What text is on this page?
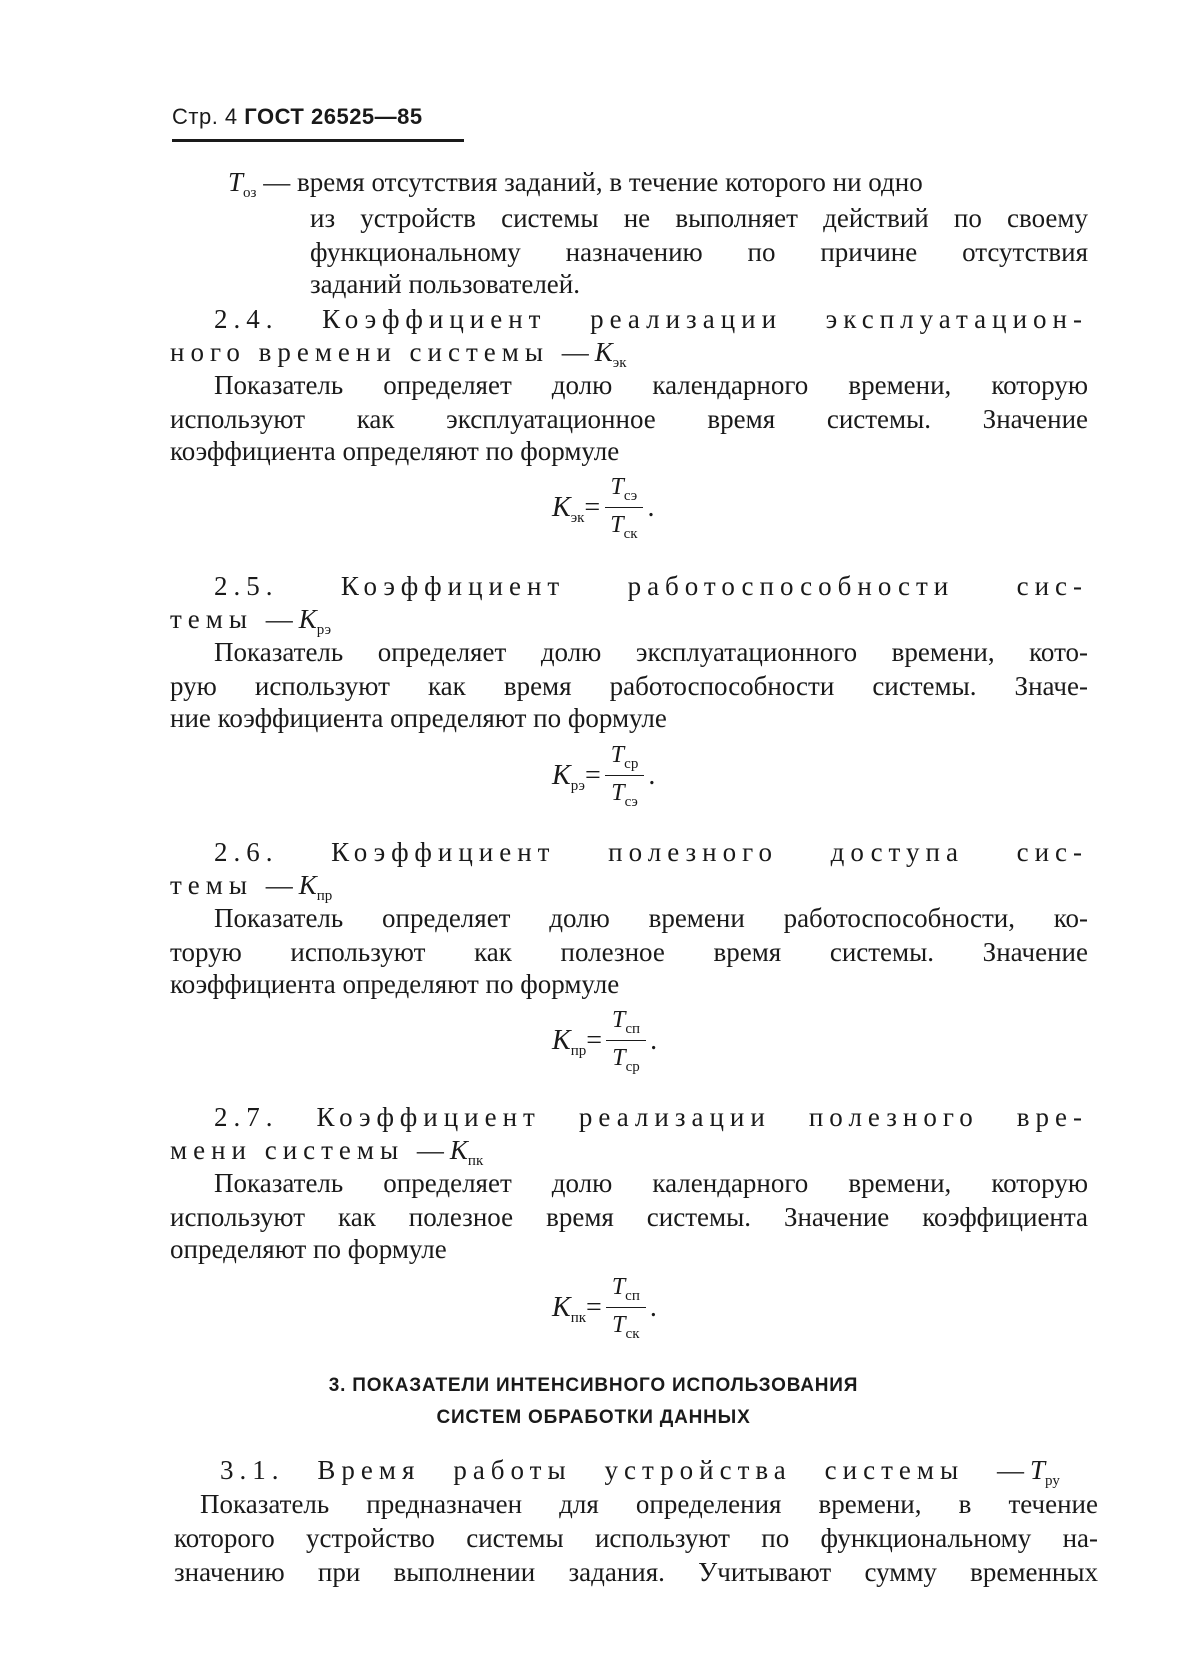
Стр. 4 ГОСТ 26525—85
$T_{оз}$ — время отсутствия заданий, в течение которого ни одно
из устройств системы не выполняет действий по своему
функциональному назначению по причине отсутствия
заданий пользователей.
2.4. Коэффициент реализации эксплуатацион-
ного времени системы $—K_{эк}$
Показатель определяет долю календарного времени, которую
используют как эксплуатационное время системы. Значение
коэффициента определяют по формуле
$K_{эк} = \frac{T_{сэ}}{T_{ск}}$ .
2.5. Коэффициент работоспособности сис-
темы $—K_{рэ}$
Показатель определяет долю эксплуатационного времени, кото-
рую используют как время работоспособности системы. Значе-
ние коэффициента определяют по формуле
$K_{рэ} = \frac{T_{ср}}{T_{сэ}}$ .
2.6. Коэффициент полезного доступа сис-
темы $—K_{пр}$
Показатель определяет долю времени работоспособности, ко-
торую используют как полезное время системы. Значение
коэффициента определяют по формуле
$K_{пр} = \frac{T_{сп}}{T_{ср}}$ .
2.7. Коэффициент реализации полезного вре-
мени системы $—K_{пк}$
Показатель определяет долю календарного времени, которую
используют как полезное время системы. Значение коэффициента
определяют по формуле
$K_{пк} = \frac{T_{сп}}{T_{ск}}$ .
3. ПОКАЗАТЕЛИ ИНТЕНСИВНОГО ИСПОЛЬЗОВАНИЯ
СИСТЕМ ОБРАБОТКИ ДАННЫХ
3.1. Время работы устройства системы $—T_{ру}$
Показатель предназначен для определения времени, в течение
которого устройство системы используют по функциональному на-
значению при выполнении задания. Учитывают сумму временных
